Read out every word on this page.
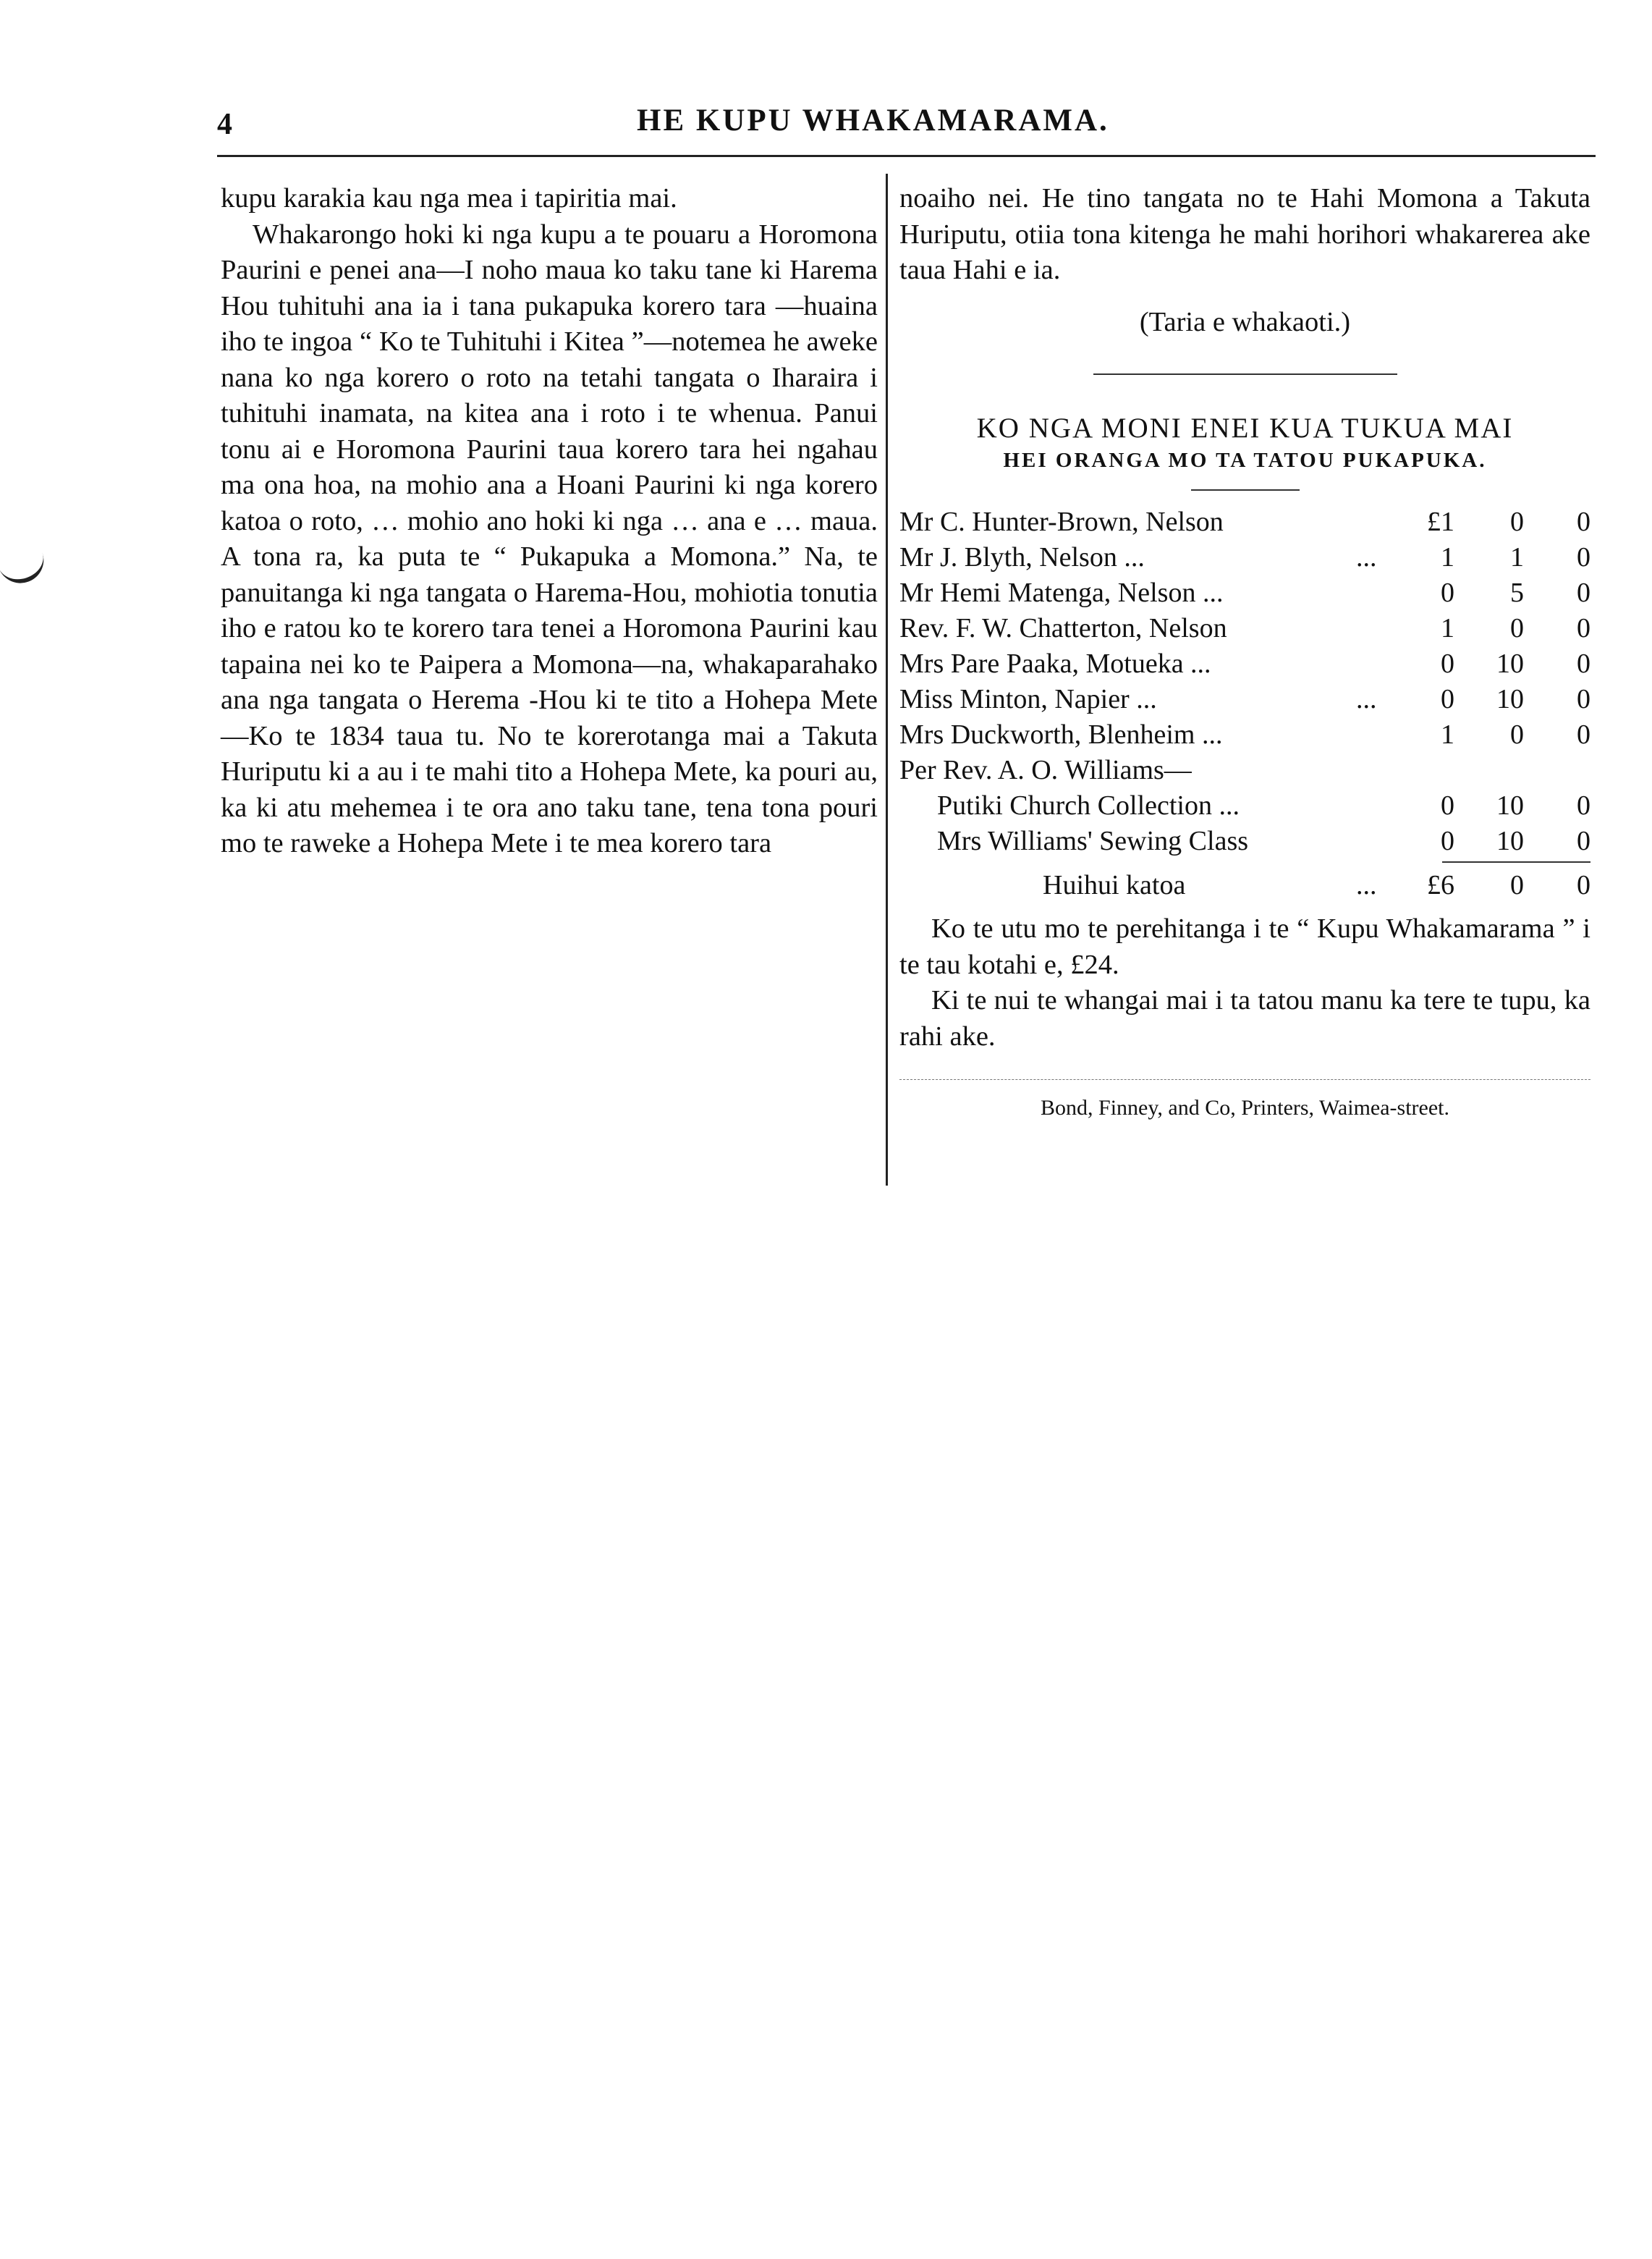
4	HE KUPU WHAKAMARAMA.

kupu karakia kau nga mea i tapiritia mai.

Whakarongo hoki ki nga kupu a te pouaru a Horomona Paurini e penei ana—I noho maua ko taku tane ki Harema Hou tuhituhi ana ia i tana pukapuka korero tara —huaina iho te ingoa “ Ko te Tuhituhi i Kitea ”—notemea he aweke nana ko nga korero o roto na tetahi tangata o Iharaira i tuhituhi inamata, na kitea ana i roto i te whenua. Panui tonu ai e Horomona Paurini taua korero tara hei ngahau ma ona hoa, na mohio ana a Hoani Paurini ki nga korero katoa o roto, … mohio ano hoki ki nga … ana e … maua. A tona ra, ka puta te “ Pukapuka a Momona.” Na, te panuitanga ki nga tangata o Harema-Hou, mohiotia tonutia iho e ratou ko te korero tara tenei a Horomona Paurini kau tapaina nei ko te Paipera a Momona—na, whakaparahako ana nga tangata o Herema -Hou ki te tito a Hohepa Mete—Ko te 1834 taua tu. No te korerotanga mai a Takuta Huriputu ki a au i te mahi tito a Hohepa Mete, ka pouri au, ka ki atu mehemea i te ora ano taku tane, tena tona pouri mo te raweke a Hohepa Mete i te mea korero tara

noaiho nei. He tino tangata no te Hahi Momona a Takuta Huriputu, otiia tona kitenga he mahi horihori whakarerea ake taua Hahi e ia.

(Taria e whakaoti.)
KO NGA MONI ENEI KUA TUKUA MAI
HEI ORANGA MO TA TATOU PUKAPUKA.
Mr C. Hunter-Brown, Nelson		£1	0	0
Mr J. Blyth, Nelson ...	...	1	1	0
Mr Hemi Matenga, Nelson ...		0	5	0
Rev. F. W. Chatterton, Nelson		1	0	0
Mrs Pare Paaka, Motueka ...		0	10	0
Miss Minton, Napier ...	...	0	10	0
Mrs Duckworth, Blenheim ...		1	0	0
Per Rev. A. O. Williams—				
Putiki Church Collection ...		0	10	0
Mrs Williams' Sewing Class		0	10	0
Huihui katoa	...	£6	0	0

Ko te utu mo te perehitanga i te “ Kupu Whakamarama ” i te tau kotahi e, £24.

Ki te nui te whangai mai i ta tatou manu ka tere te tupu, ka rahi ake.

Bond, Finney, and Co, Printers, Waimea-street.
